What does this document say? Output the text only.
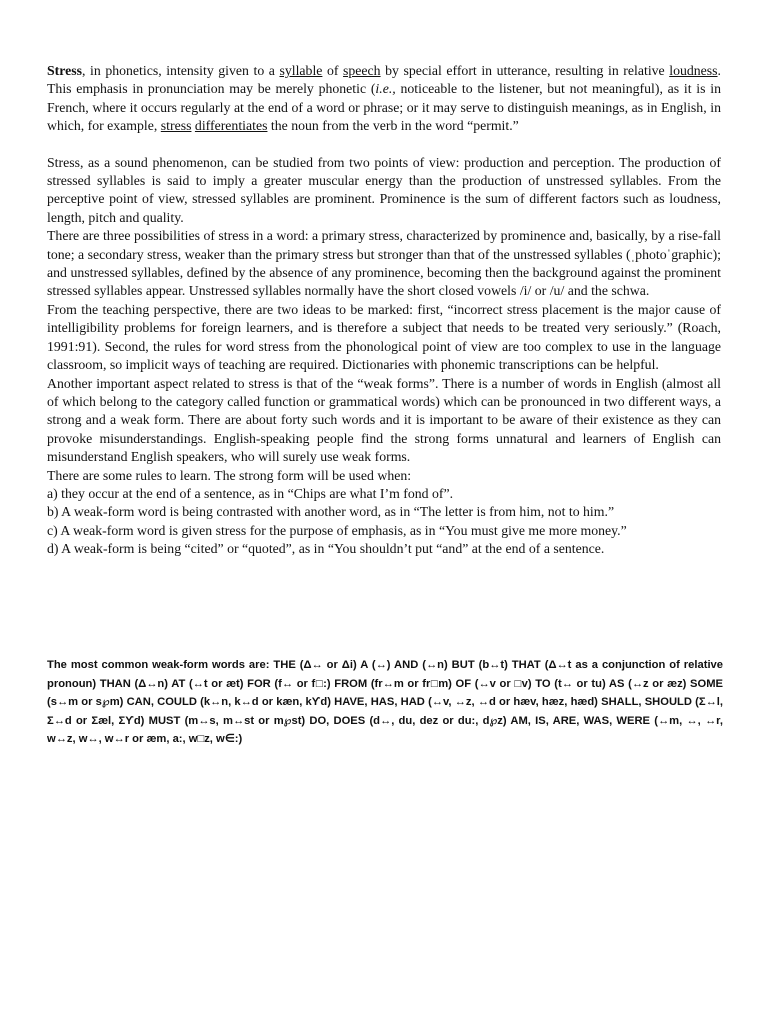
Stress, in phonetics, intensity given to a syllable of speech by special effort in utterance, resulting in relative loudness. This emphasis in pronunciation may be merely phonetic (i.e., noticeable to the listener, but not meaningful), as it is in French, where it occurs regularly at the end of a word or phrase; or it may serve to distinguish meanings, as in English, in which, for example, stress differentiates the noun from the verb in the word “permit.”

Stress, as a sound phenomenon, can be studied from two points of view: production and perception. The production of stressed syllables is said to imply a greater muscular energy than the production of unstressed syllables. From the perceptive point of view, stressed syllables are prominent. Prominence is the sum of different factors such as loudness, length, pitch and quality.

There are three possibilities of stress in a word: a primary stress, characterized by prominence and, basically, by a rise-fall tone; a secondary stress, weaker than the primary stress but stronger than that of the unstressed syllables (ˌphotoˈgraphic); and unstressed syllables, defined by the absence of any prominence, becoming then the background against the prominent stressed syllables appear. Unstressed syllables normally have the short closed vowels /i/ or /u/ and the schwa.

From the teaching perspective, there are two ideas to be marked: first, “incorrect stress placement is the major cause of intelligibility problems for foreign learners, and is therefore a subject that needs to be treated very seriously.” (Roach, 1991:91). Second, the rules for word stress from the phonological point of view are too complex to use in the language classroom, so implicit ways of teaching are required. Dictionaries with phonemic transcriptions can be helpful.

Another important aspect related to stress is that of the “weak forms”. There is a number of words in English (almost all of which belong to the category called function or grammatical words) which can be pronounced in two different ways, a strong and a weak form. There are about forty such words and it is important to be aware of their existence as they can provoke misunderstandings. English-speaking people find the strong forms unnatural and learners of English can misunderstand English speakers, who will surely use weak forms.

There are some rules to learn. The strong form will be used when:

a) they occur at the end of a sentence, as in “Chips are what I’m fond of”.

b) A weak-form word is being contrasted with another word, as in “The letter is from him, not to him.”

c) A weak-form word is given stress for the purpose of emphasis, as in “You must give me more money.”

d) A weak-form is being “cited” or “quoted”, as in “You shouldn’t put “and” at the end of a sentence.

The most common weak-form words are: THE (Δ↔ or Δi) A (↔) AND (↔n) BUT (b↔t) THAT (Δ↔t as a conjunction of relative pronoun) THAN (Δ↔n) AT (↔t or æt) FOR (f↔ or f□:) FROM (fr↔m or fr□m) OF (↔v or □v) TO (t↔ or tu) AS (↔z or æz) SOME (s↔m or s℘m) CAN, COULD (k↔n, k↔d or kæn, kϒd) HAVE, HAS, HAD (↔v, ↔z, ↔d or hæv, hæz, hæd) SHALL, SHOULD (Σ↔l, Σ↔d or Σæl, Σϒd) MUST (m↔s, m↔st or m℘st) DO, DOES (d↔, du, dez or du:, d℘z) AM, IS, ARE, WAS, WERE (↔m, ↔, ↔r, w↔z, w↔, w↔r or æm, a:, w□z, w∈:)
